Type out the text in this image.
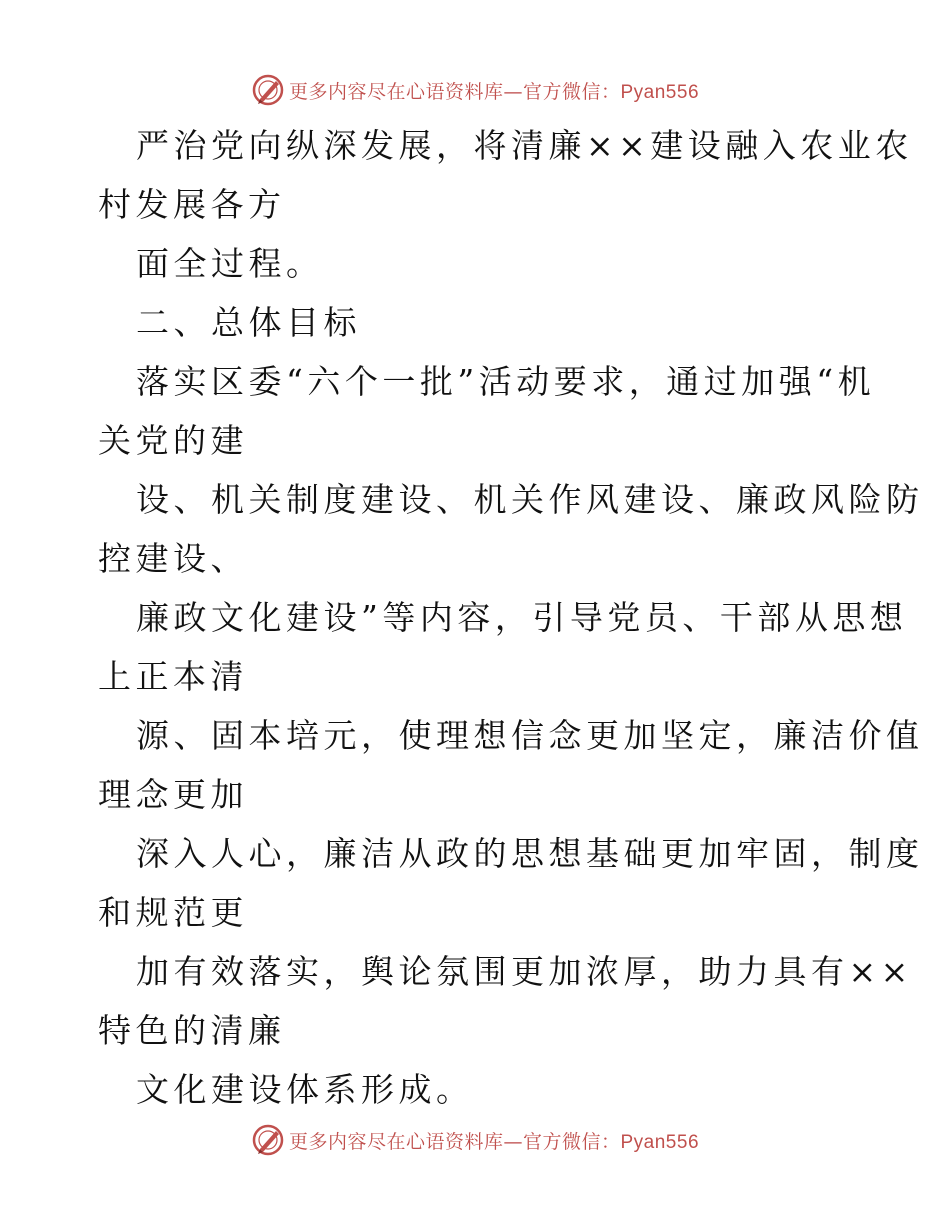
更多内容尽在心语资料库—官方微信：Pyan556
严治党向纵深发展，将清廉××建设融入农业农
村发展各方
面全过程。
二、总体目标
落实区委“六个一批”活动要求，通过加强“机
关党的建
设、机关制度建设、机关作风建设、廉政风险防
控建设、
廉政文化建设”等内容，引导党员、干部从思想
上正本清
源、固本培元，使理想信念更加坚定，廉洁价值
理念更加
深入人心，廉洁从政的思想基础更加牢固，制度
和规范更
加有效落实，舆论氛围更加浓厚，助力具有××
特色的清廉
文化建设体系形成。
更多内容尽在心语资料库—官方微信：Pyan556
